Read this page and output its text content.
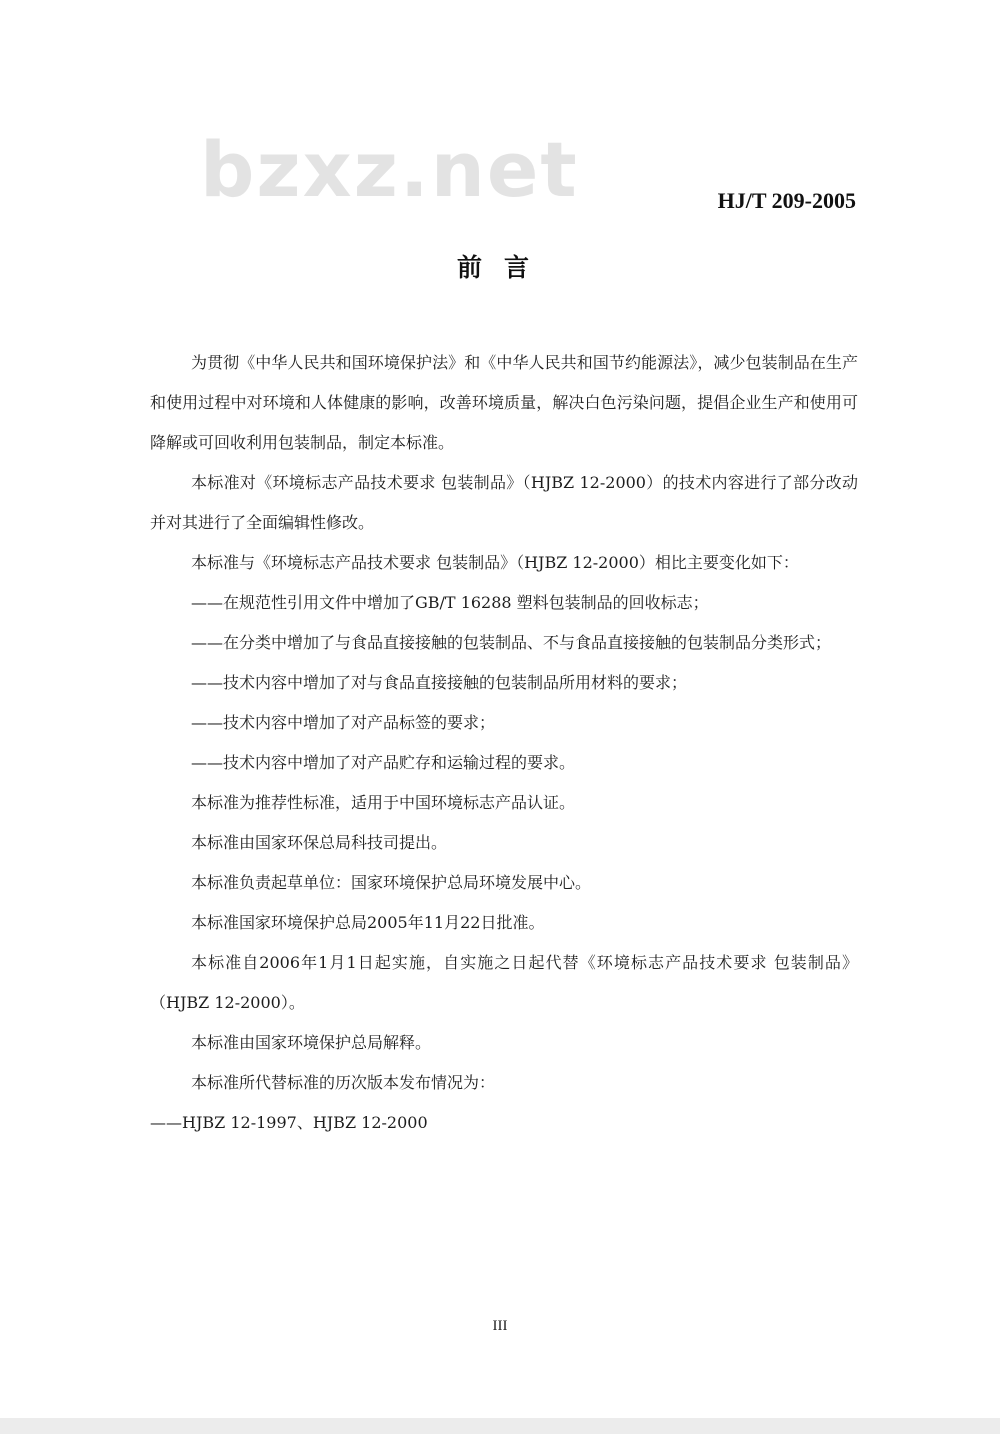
bzxz.net	HJ/T 209-2005
前言

为贯彻《中华人民共和国环境保护法》和《中华人民共和国节约能源法》，减少包装制品在生产和使用过程中对环境和人体健康的影响，改善环境质量，解决白色污染问题，提倡企业生产和使用可降解或可回收利用包装制品，制定本标准。

本标准对《环境标志产品技术要求 包装制品》（HJBZ 12-2000）的技术内容进行了部分改动并对其进行了全面编辑性修改。

本标准与《环境标志产品技术要求 包装制品》（HJBZ 12-2000）相比主要变化如下：

——在规范性引用文件中增加了GB/T 16288 塑料包装制品的回收标志；

——在分类中增加了与食品直接接触的包装制品、不与食品直接接触的包装制品分类形式；

——技术内容中增加了对与食品直接接触的包装制品所用材料的要求；

——技术内容中增加了对产品标签的要求；

——技术内容中增加了对产品贮存和运输过程的要求。

本标准为推荐性标准，适用于中国环境标志产品认证。

本标准由国家环保总局科技司提出。

本标准负责起草单位：国家环境保护总局环境发展中心。

本标准国家环境保护总局2005年11月22日批准。

本标准自2006年1月1日起实施，自实施之日起代替《环境标志产品技术要求 包装制品》（HJBZ 12-2000）。

本标准由国家环境保护总局解释。

本标准所代替标准的历次版本发布情况为：

——HJBZ 12-1997、HJBZ 12-2000

III
